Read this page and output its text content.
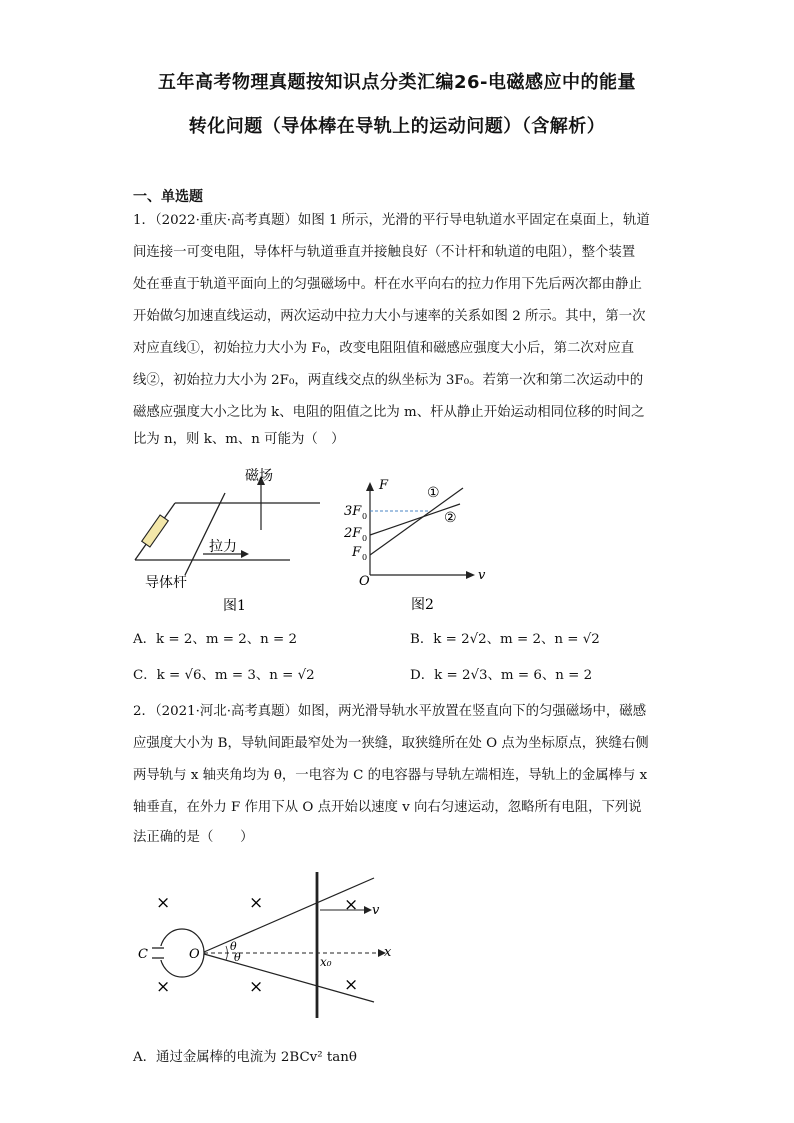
五年高考物理真题按知识点分类汇编26-电磁感应中的能量
转化问题（导体棒在导轨上的运动问题）（含解析）
一、单选题
1．（2022·重庆·高考真题）如图 1 所示，光滑的平行导电轨道水平固定在桌面上，轨道
间连接一可变电阻，导体杆与轨道垂直并接触良好（不计杆和轨道的电阻），整个装置
处在垂直于轨道平面向上的匀强磁场中。杆在水平向右的拉力作用下先后两次都由静止
开始做匀加速直线运动，两次运动中拉力大小与速率的关系如图 2 所示。其中，第一次
对应直线①，初始拉力大小为 F₀，改变电阻阻值和磁感应强度大小后，第二次对应直
线②，初始拉力大小为 2F₀，两直线交点的纵坐标为 3F₀。若第一次和第二次运动中的
磁感应强度大小之比为 k、电阻的阻值之比为 m、杆从静止开始运动相同位移的时间之
比为 n，则 k、m、n 可能为（　）
磁场
拉力
导体杆
图1
F
v
O
3F 0
2F 0
F 0
①
②
图2
A．k = 2、m = 2、n = 2	B．k = 2√2、m = 2、n = √2
C．k = √6、m = 3、n = √2	D．k = 2√3、m = 6、n = 2
2．（2021·河北·高考真题）如图，两光滑导轨水平放置在竖直向下的匀强磁场中，磁感
应强度大小为 B，导轨间距最窄处为一狭缝，取狭缝所在处 O 点为坐标原点，狭缝右侧
两导轨与 x 轴夹角均为 θ，一电容为 C 的电容器与导轨左端相连，导轨上的金属棒与 x
轴垂直，在外力 F 作用下从 O 点开始以速度 v 向右匀速运动，忽略所有电阻，下列说
法正确的是（　　）
×	×	×
×	×	×
C	x
v
x₀
O
θ
θ
A．通过金属棒的电流为 2BCv² tanθ
